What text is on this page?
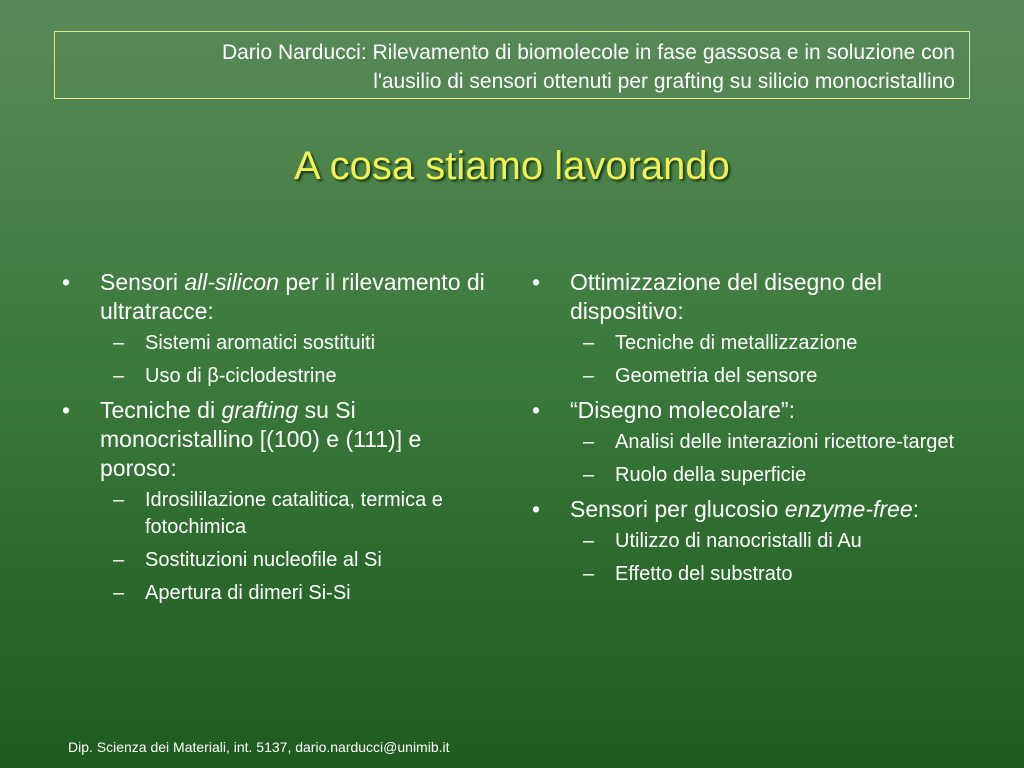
Dario Narducci: Rilevamento di biomolecole in fase gassosa e in soluzione con
l'ausilio di sensori ottenuti per grafting su silicio monocristallino
A cosa stiamo lavorando
• Sensori all-silicon per il rilevamento di ultratracce:
– Sistemi aromatici sostituiti
– Uso di β-ciclodestrine
• Tecniche di grafting su Si monocristallino [(100) e (111)] e poroso:
– Idrosililazione catalitica, termica e fotochimica
– Sostituzioni nucleofile al Si
– Apertura di dimeri Si-Si
• Ottimizzazione del disegno del dispositivo:
– Tecniche di metallizzazione
– Geometria del sensore
• “Disegno molecolare”:
– Analisi delle interazioni ricettore-target
– Ruolo della superficie
• Sensori per glucosio enzyme-free:
– Utilizzo di nanocristalli di Au
– Effetto del substrato
Dip. Scienza dei Materiali, int. 5137, dario.narducci@unimib.it
